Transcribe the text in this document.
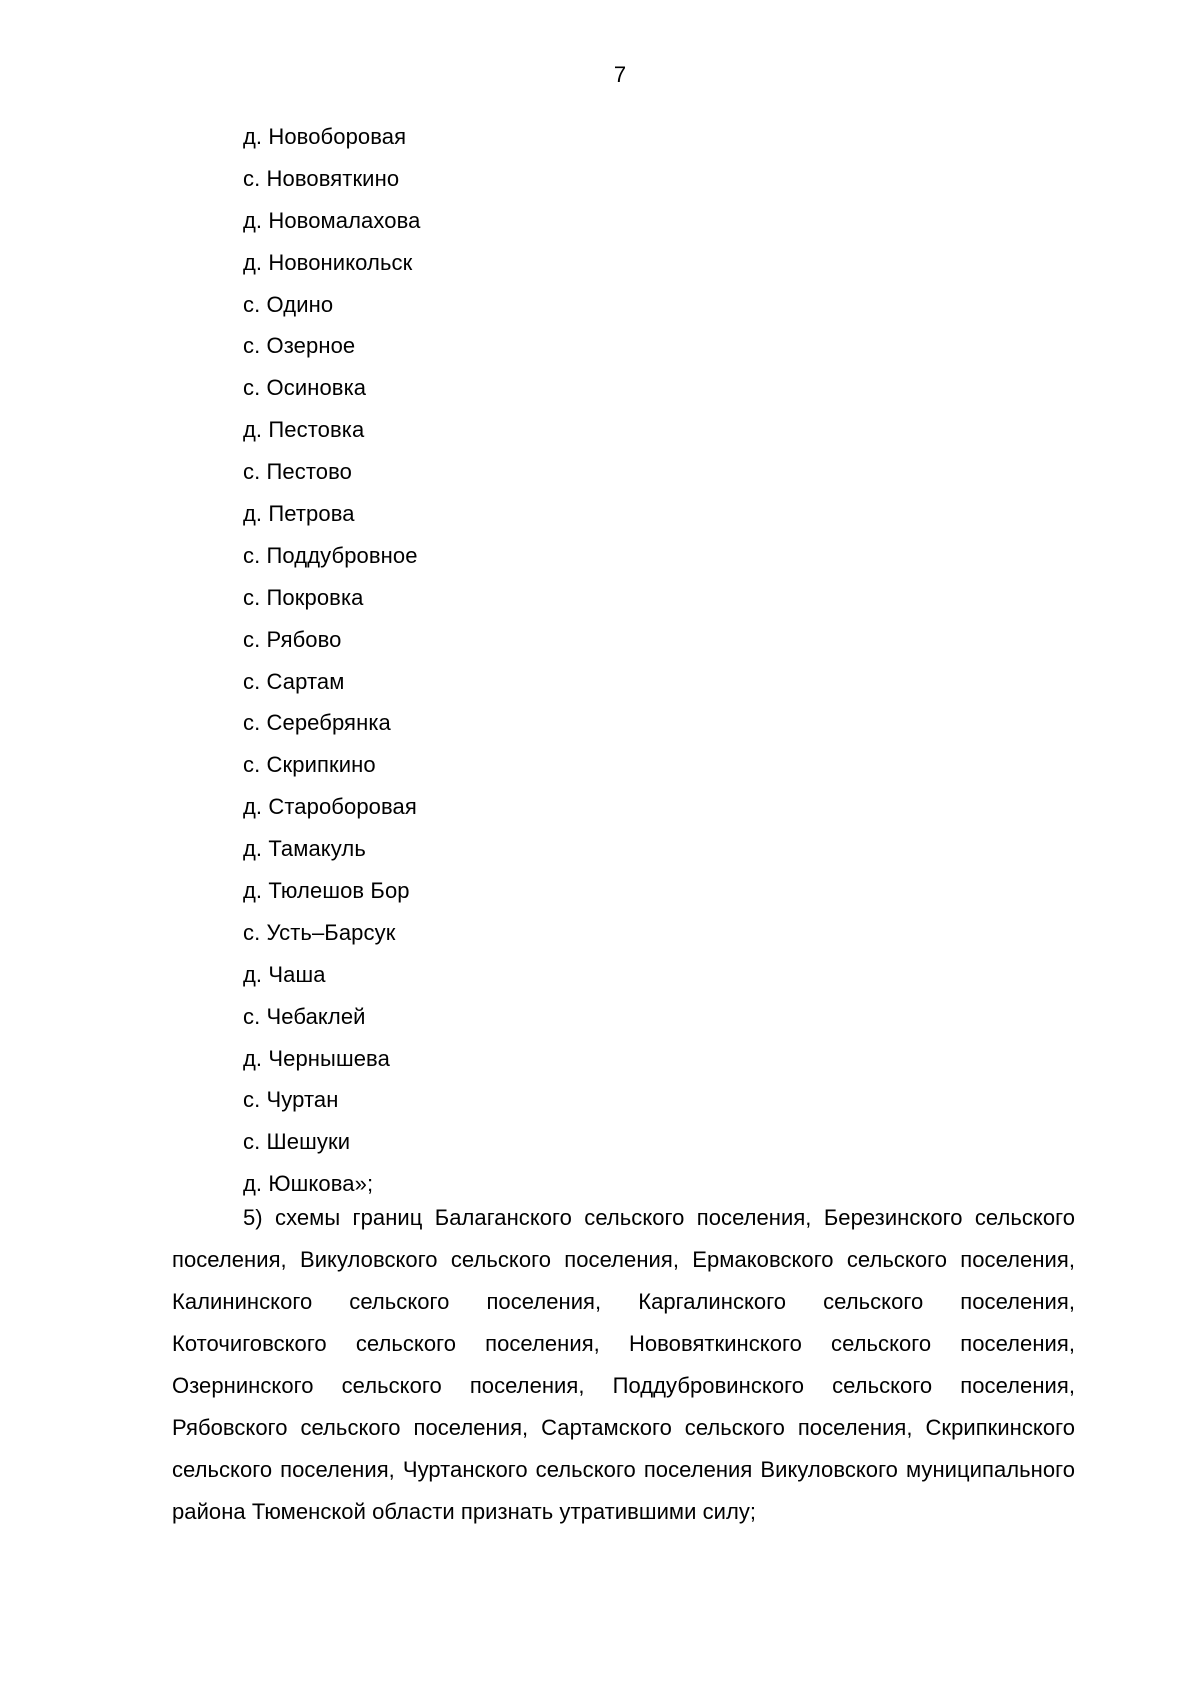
7
д. Новоборовая
с. Нововяткино
д. Новомалахова
д. Новоникольск
с. Одино
с. Озерное
с. Осиновка
д. Пестовка
с. Пестово
д. Петрова
с. Поддубровное
с. Покровка
с. Рябово
с. Сартам
с. Серебрянка
с. Скрипкино
д. Староборовая
д. Тамакуль
д. Тюлешов Бор
с. Усть–Барсук
д. Чаша
с. Чебаклей
д. Чернышева
с. Чуртан
с. Шешуки
д. Юшкова»;

5) схемы границ Балаганского сельского поселения, Березинского сельского поселения, Викуловского сельского поселения, Ермаковского сельского поселения, Калининского сельского поселения, Каргалинского сельского поселения, Коточиговского сельского поселения, Нововяткинского сельского поселения, Озернинского сельского поселения, Поддубровинского сельского поселения, Рябовского сельского поселения, Сартамского сельского поселения, Скрипкинского сельского поселения, Чуртанского сельского поселения Викуловского муниципального района Тюменской области признать утратившими силу;
